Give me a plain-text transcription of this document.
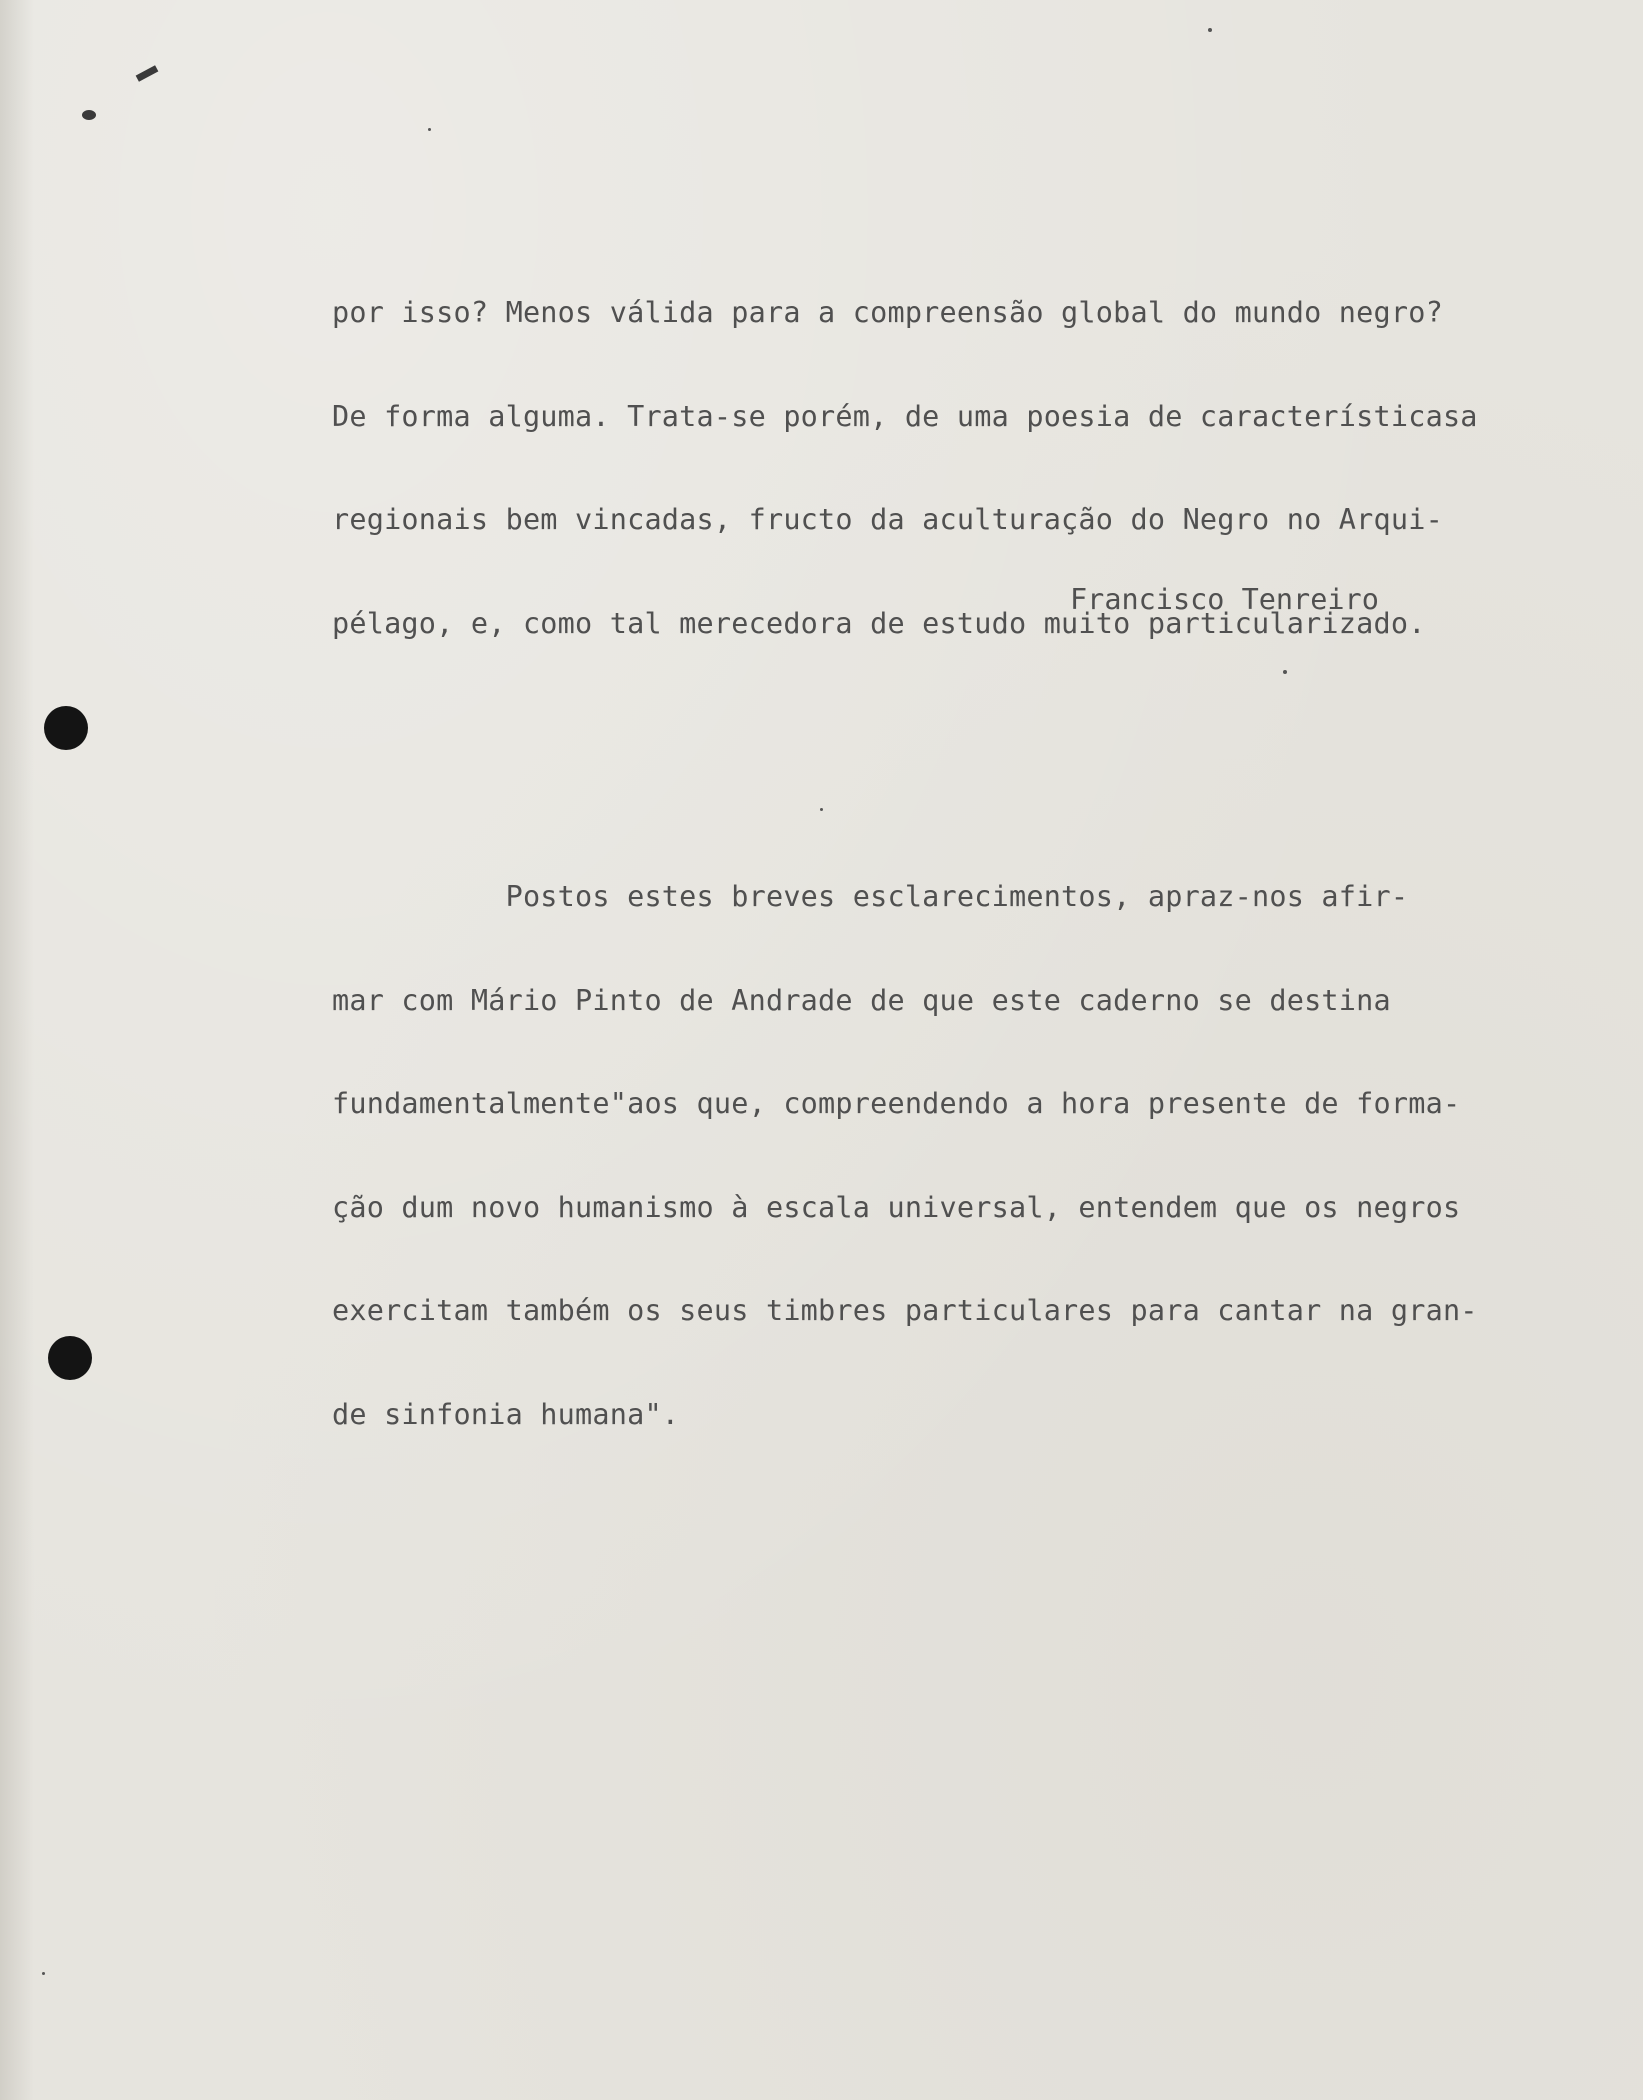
por isso? Menos válida para a compreensão global do mundo negro?

De forma alguma. Trata-se porém, de uma poesia de característicasa

regionais bem vincadas, fructo da aculturação do Negro no Arqui-

pélago, e, como tal merecedora de estudo muito particularizado.

Postos estes breves esclarecimentos, apraz-nos afir-

mar com Mário Pinto de Andrade de que este caderno se destina

fundamentalmente"aos que, compreendendo a hora presente de forma-

ção dum novo humanismo à escala universal, entendem que os negros

exercitam também os seus timbres particulares para cantar na gran-

de sinfonia humana".

Francisco Tenreiro
